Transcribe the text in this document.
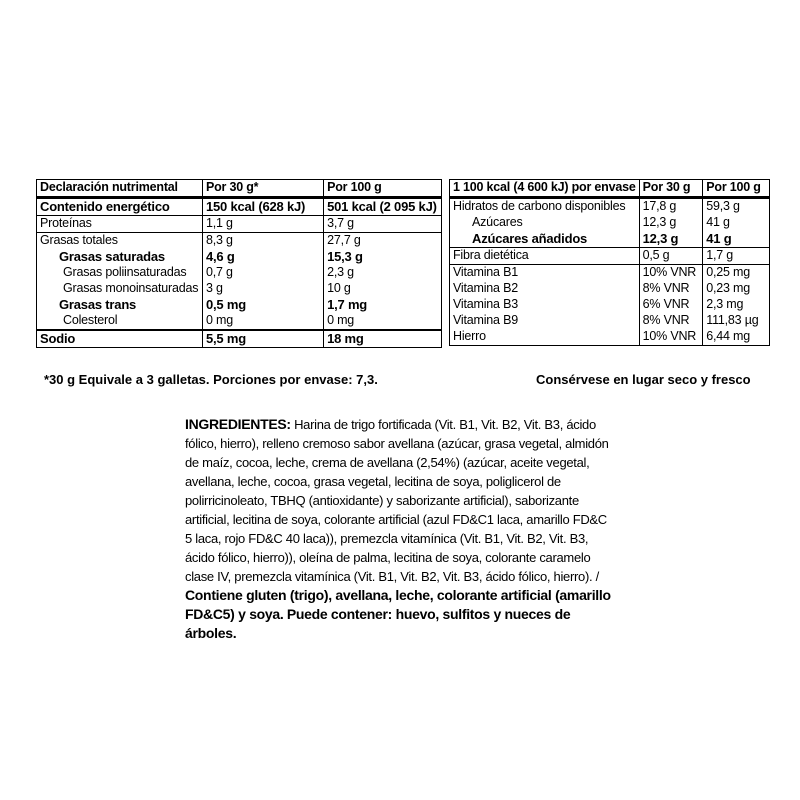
Declaración nutrimental	Por 30 g*	Por 100 g
Contenido energético	150 kcal (628 kJ)	501 kcal (2 095 kJ)
Proteínas	1,1 g	3,7 g
Grasas totales	8,3 g	27,7 g
Grasas saturadas	4,6 g	15,3 g
Grasas poliinsaturadas	0,7 g	2,3 g
Grasas monoinsaturadas	3 g	10 g
Grasas trans	0,5 mg	1,7 mg
Colesterol	0 mg	0 mg
Sodio	5,5 mg	18 mg
1 100 kcal (4 600 kJ) por envase	Por 30 g	Por 100 g
Hidratos de carbono disponibles	17,8 g	59,3 g
Azúcares	12,3 g	41 g
Azúcares añadidos	12,3 g	41 g
Fibra dietética	0,5 g	1,7 g
Vitamina B1	10% VNR	0,25 mg
Vitamina B2	8% VNR	0,23 mg
Vitamina B3	6% VNR	2,3 mg
Vitamina B9	8% VNR	111,83 µg
Hierro	10% VNR	6,44 mg
*30 g Equivale a 3 galletas. Porciones por envase: 7,3.	Consérvese en lugar seco y fresco
INGREDIENTES: Harina de trigo fortificada (Vit. B1, Vit. B2, Vit. B3, ácido fólico, hierro), relleno cremoso sabor avellana (azúcar, grasa vegetal, almidón de maíz, cocoa, leche, crema de avellana (2,54%) (azúcar, aceite vegetal, avellana, leche, cocoa, grasa vegetal, lecitina de soya, poliglicerol de polirricinoleato, TBHQ (antioxidante) y saborizante artificial), saborizante artificial, lecitina de soya, colorante artificial (azul FD&C1 laca, amarillo FD&C 5 laca, rojo FD&C 40 laca)), premezcla vitamínica (Vit. B1, Vit. B2, Vit. B3, ácido fólico, hierro)), oleína de palma, lecitina de soya, colorante caramelo clase IV, premezcla vitamínica (Vit. B1, Vit. B2, Vit. B3, ácido fólico, hierro). / Contiene gluten (trigo), avellana, leche, colorante artificial (amarillo FD&C5) y soya. Puede contener: huevo, sulfitos y nueces de árboles.
